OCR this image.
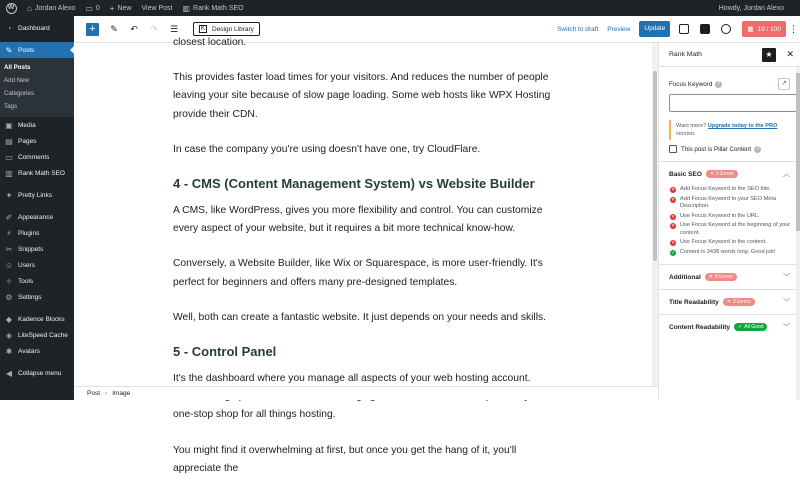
W ⌂ Jordan Alexo ▭ 0 + New	View Post	▥ Rank Math SEO	Howdy, Jordan Alexo
◔	Dashboard
✎ Posts
All Posts
Add New
Categories
Tags
▣ Media
▤ Pages
▭ Comments
▥ Rank Math SEO
✦ Pretty Links
✐ Appearance
⚡ Plugins
✂ Snippets
☺ Users
✧ Tools
⚙ Settings
◆ Kadence Blocks
◈ LiteSpeed Cache
✱ Avatars
◀ Collapse menu
+	✎ ↶ ↷ ☰	K	Design Library	Switch to draft Preview	Update	▦ 19 / 100 ⋮

closest location.

This provides faster load times for your visitors. And reduces the number of people leaving your site because of slow page loading. Some web hosts like WPX Hosting provide their CDN.

In case the company you're using doesn't have one, try CloudFlare.

4 - CMS (Content Management System) vs Website Builder

A CMS, like WordPress, gives you more flexibility and control. You can customize every aspect of your website, but it requires a bit more technical know-how.

Conversely, a Website Builder, like Wix or Squarespace, is more user-friendly. It's perfect for beginners and offers many pre-designed templates.

Well, both can create a fantastic website. It just depends on your needs and skills.

5 - Control Panel

It's the dashboard where you manage all aspects of your web hosting account. one-stop shop for all things hosting.

You might find it overwhelming at first, but once you get the hang of it, you'll appreciate the

Post › Image
Rank Math	★	✕
Focus Keyword	?	↗
Want more? Upgrade today to the PRO version.
This post is Pillar Content	?
Basic SEO ✕ 5 Errors	︿
✕ Add Focus Keyword to the SEO title.
✕ Add Focus Keyword to your SEO Meta Description.
✕ Use Focus Keyword in the URL.
✕ Use Focus Keyword at the beginning of your content.
✕ Use Focus Keyword in the content.
✓ Content is 3438 words long. Good job!
Additional ✕ 8 Errors	﹀
Title Readability ✕ 3 Errors	﹀
Content Readability ✓ All Good	﹀
